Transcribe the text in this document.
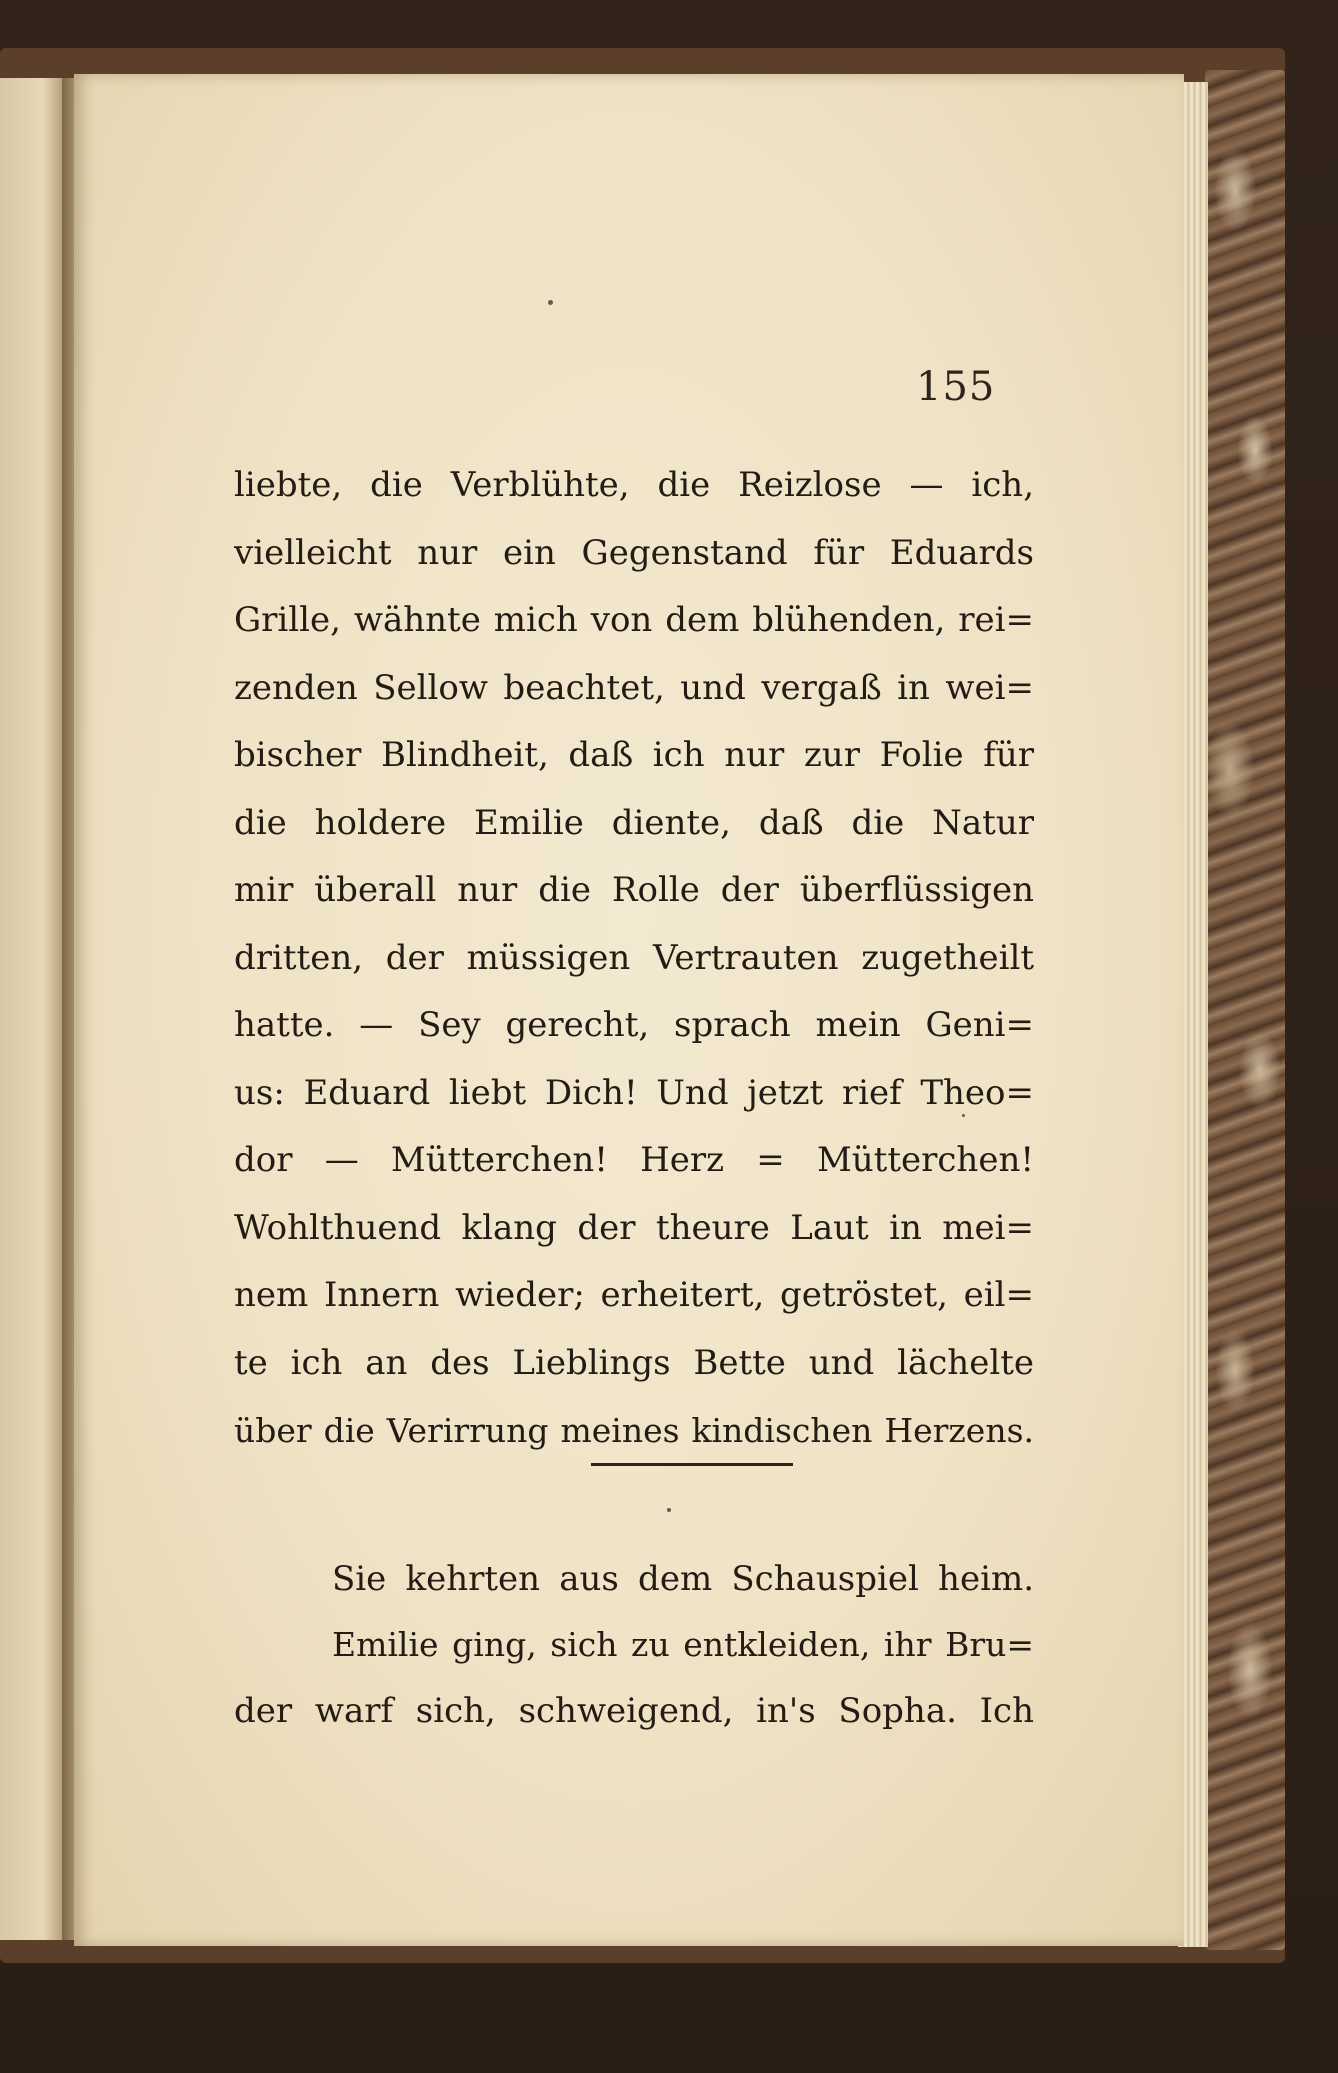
155
liebte, die Verblühte, die Reizlose — ich,
vielleicht nur ein Gegenstand für Eduards
Grille, wähnte mich von dem blühenden, rei=
zenden Sellow beachtet, und vergaß in wei=
bischer Blindheit, daß ich nur zur Folie für
die holdere Emilie diente, daß die Natur
mir überall nur die Rolle der überflüssigen
dritten, der müssigen Vertrauten zugetheilt
hatte. — Sey gerecht, sprach mein Geni=
us: Eduard liebt Dich! Und jetzt rief Theo=
dor — Mütterchen! Herz = Mütterchen!
Wohlthuend klang der theure Laut in mei=
nem Innern wieder; erheitert, getröstet, eil=
te ich an des Lieblings Bette und lächelte
über die Verirrung meines kindischen Herzens.
Sie kehrten aus dem Schauspiel heim.
Emilie ging, sich zu entkleiden, ihr Bru=
der warf sich, schweigend, in's Sopha. Ich
